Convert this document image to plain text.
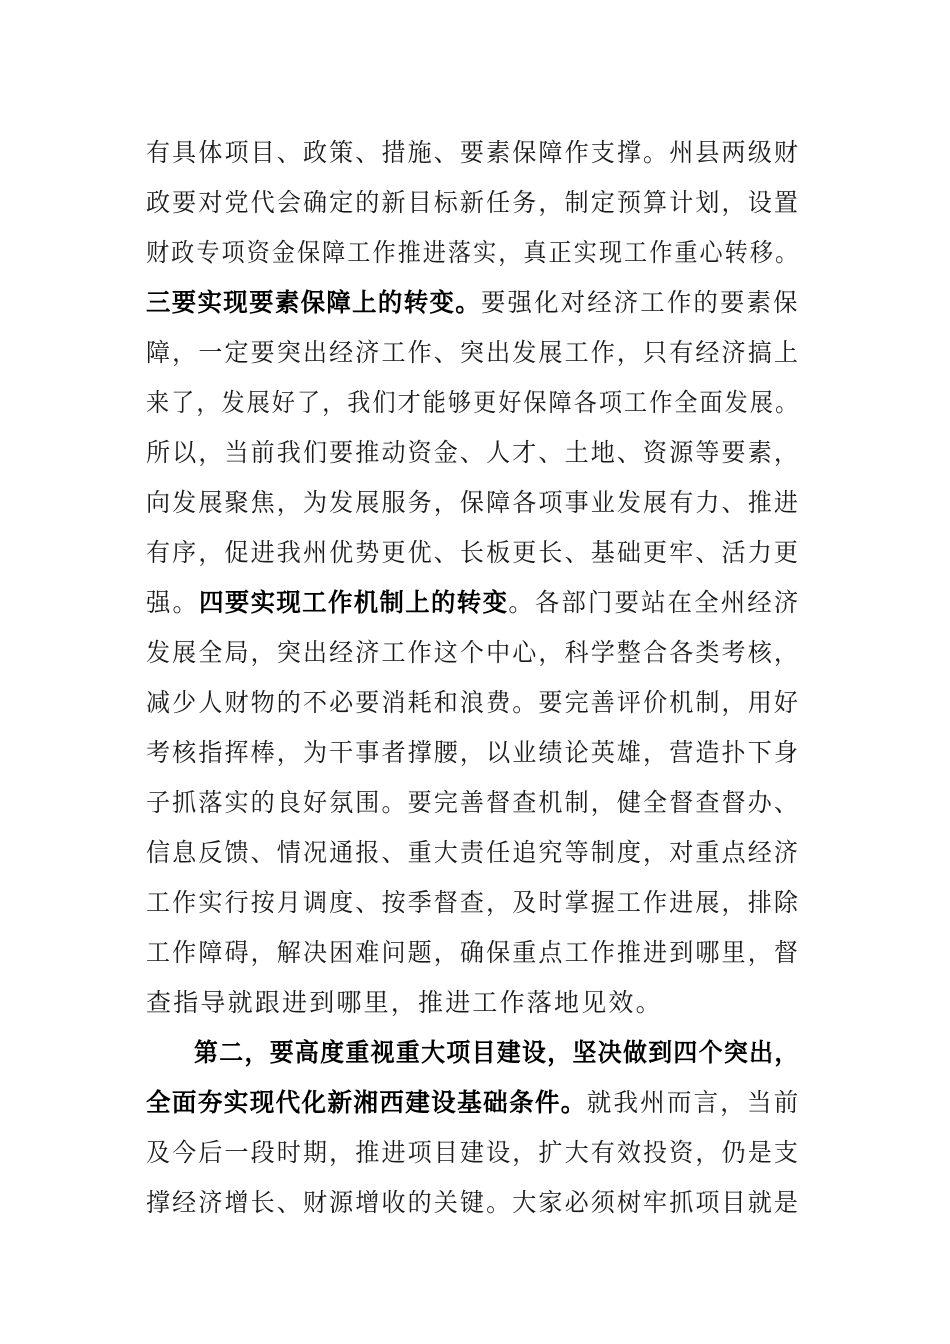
有具体项目、政策、措施、要素保障作支撑。州县两级财
政要对党代会确定的新目标新任务，制定预算计划，设置
财政专项资金保障工作推进落实，真正实现工作重心转移。
三要实现要素保障上的转变。要强化对经济工作的要素保
障，一定要突出经济工作、突出发展工作，只有经济搞上
来了，发展好了，我们才能够更好保障各项工作全面发展。
所以，当前我们要推动资金、人才、土地、资源等要素，
向发展聚焦，为发展服务，保障各项事业发展有力、推进
有序，促进我州优势更优、长板更长、基础更牢、活力更
强。四要实现工作机制上的转变。各部门要站在全州经济
发展全局，突出经济工作这个中心，科学整合各类考核，
减少人财物的不必要消耗和浪费。要完善评价机制，用好
考核指挥棒，为干事者撑腰，以业绩论英雄，营造扑下身
子抓落实的良好氛围。要完善督查机制，健全督查督办、
信息反馈、情况通报、重大责任追究等制度，对重点经济
工作实行按月调度、按季督查，及时掌握工作进展，排除
工作障碍，解决困难问题，确保重点工作推进到哪里，督
查指导就跟进到哪里，推进工作落地见效。
第二，要高度重视重大项目建设，坚决做到四个突出，
全面夯实现代化新湘西建设基础条件。就我州而言，当前
及今后一段时期，推进项目建设，扩大有效投资，仍是支
撑经济增长、财源增收的关键。大家必须树牢抓项目就是
